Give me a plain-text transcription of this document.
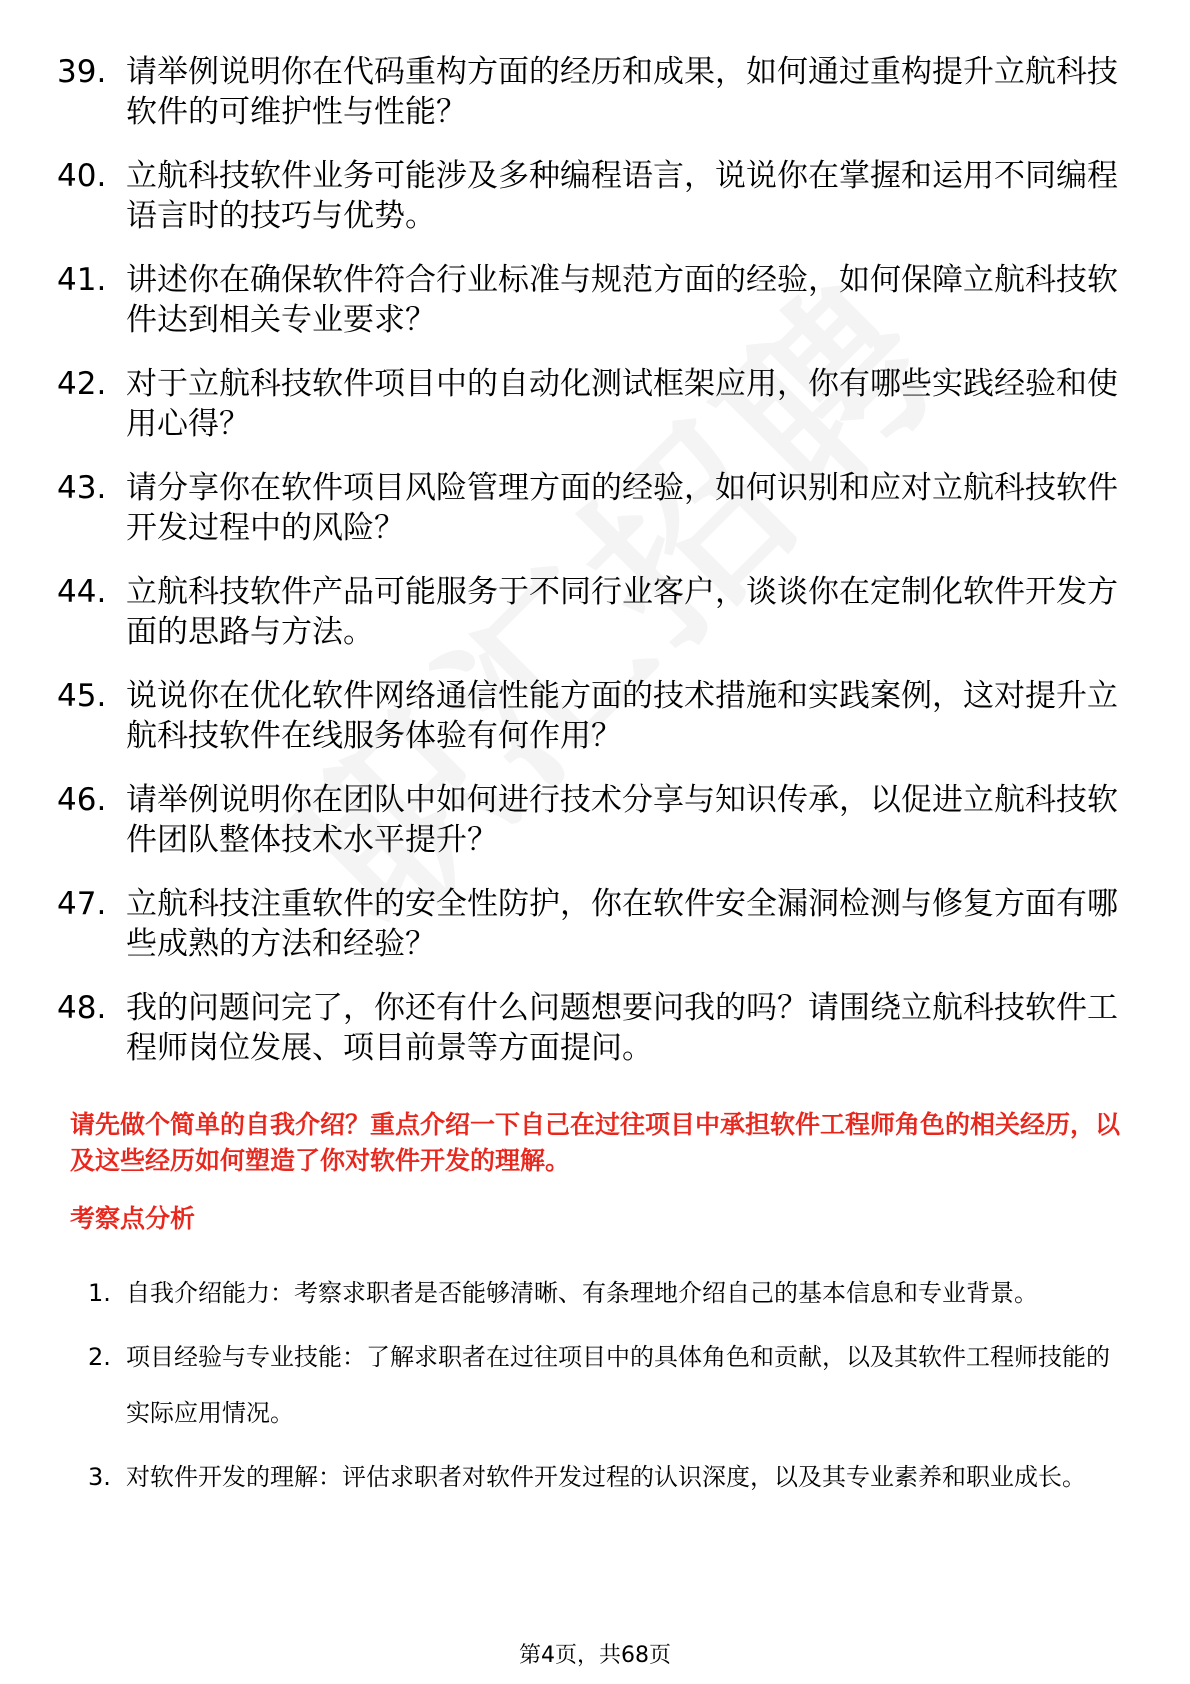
39. 请举例说明你在代码重构方面的经历和成果，如何通过重构提升立航科技软件的可维护性与性能？
40. 立航科技软件业务可能涉及多种编程语言，说说你在掌握和运用不同编程语言时的技巧与优势。
41. 讲述你在确保软件符合行业标准与规范方面的经验，如何保障立航科技软件达到相关专业要求？
42. 对于立航科技软件项目中的自动化测试框架应用，你有哪些实践经验和使用心得？
43. 请分享你在软件项目风险管理方面的经验，如何识别和应对立航科技软件开发过程中的风险？
44. 立航科技软件产品可能服务于不同行业客户，谈谈你在定制化软件开发方面的思路与方法。
45. 说说你在优化软件网络通信性能方面的技术措施和实践案例，这对提升立航科技软件在线服务体验有何作用？
46. 请举例说明你在团队中如何进行技术分享与知识传承，以促进立航科技软件团队整体技术水平提升？
47. 立航科技注重软件的安全性防护，你在软件安全漏洞检测与修复方面有哪些成熟的方法和经验？
48. 我的问题问完了，你还有什么问题想要问我的吗？请围绕立航科技软件工程师岗位发展、项目前景等方面提问。

请先做个简单的自我介绍？重点介绍一下自己在过往项目中承担软件工程师角色的相关经历，以及这些经历如何塑造了你对软件开发的理解。

考察点分析
1. 自我介绍能力：考察求职者是否能够清晰、有条理地介绍自己的基本信息和专业背景。
2. 项目经验与专业技能：了解求职者在过往项目中的具体角色和贡献，以及其软件工程师技能的实际应用情况。
3. 对软件开发的理解：评估求职者对软件开发过程的认识深度，以及其专业素养和职业成长。

第4页，共68页
